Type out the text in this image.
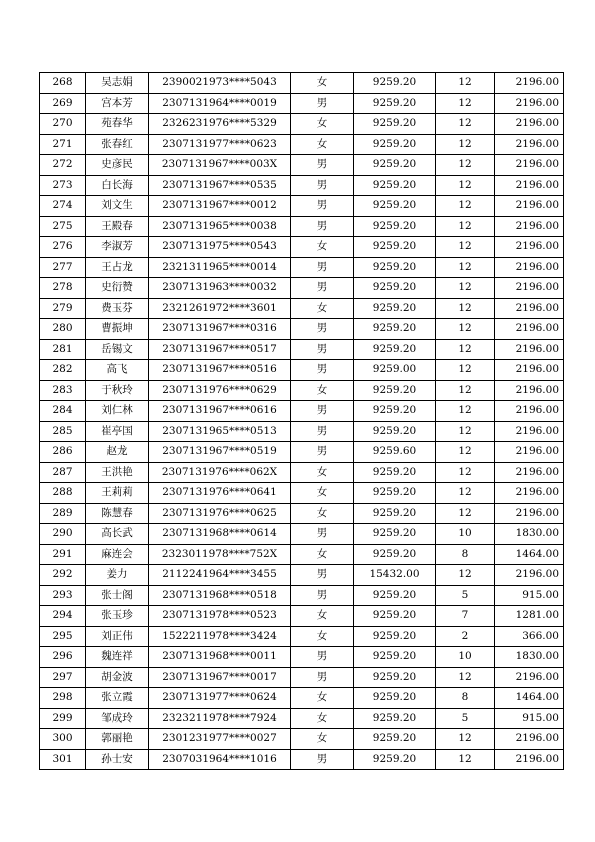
268	吴志娟	2390021973****5043	女	9259.20	12	2196.00
269	宫本芳	2307131964****0019	男	9259.20	12	2196.00
270	苑春华	2326231976****5329	女	9259.20	12	2196.00
271	张春红	2307131977****0623	女	9259.20	12	2196.00
272	史彦民	2307131967****003X	男	9259.20	12	2196.00
273	白长海	2307131967****0535	男	9259.20	12	2196.00
274	刘文生	2307131967****0012	男	9259.20	12	2196.00
275	王殿春	2307131965****0038	男	9259.20	12	2196.00
276	李淑芳	2307131975****0543	女	9259.20	12	2196.00
277	王占龙	2321311965****0014	男	9259.20	12	2196.00
278	史衍赞	2307131963****0032	男	9259.20	12	2196.00
279	费玉芬	2321261972****3601	女	9259.20	12	2196.00
280	曹振坤	2307131967****0316	男	9259.20	12	2196.00
281	岳锡文	2307131967****0517	男	9259.20	12	2196.00
282	高飞	2307131967****0516	男	9259.00	12	2196.00
283	于秋玲	2307131976****0629	女	9259.20	12	2196.00
284	刘仁林	2307131967****0616	男	9259.20	12	2196.00
285	崔亭国	2307131965****0513	男	9259.20	12	2196.00
286	赵龙	2307131967****0519	男	9259.60	12	2196.00
287	王洪艳	2307131976****062X	女	9259.20	12	2196.00
288	王莉莉	2307131976****0641	女	9259.20	12	2196.00
289	陈慧春	2307131976****0625	女	9259.20	12	2196.00
290	高长武	2307131968****0614	男	9259.20	10	1830.00
291	麻连会	2323011978****752X	女	9259.20	8	1464.00
292	姜力	2112241964****3455	男	15432.00	12	2196.00
293	张士阁	2307131968****0518	男	9259.20	5	915.00
294	张玉珍	2307131978****0523	女	9259.20	7	1281.00
295	刘正伟	1522211978****3424	女	9259.20	2	366.00
296	魏连祥	2307131968****0011	男	9259.20	10	1830.00
297	胡金波	2307131967****0017	男	9259.20	12	2196.00
298	张立霞	2307131977****0624	女	9259.20	8	1464.00
299	邹成玲	2323211978****7924	女	9259.20	5	915.00
300	郭丽艳	2301231977****0027	女	9259.20	12	2196.00
301	孙士安	2307031964****1016	男	9259.20	12	2196.00
